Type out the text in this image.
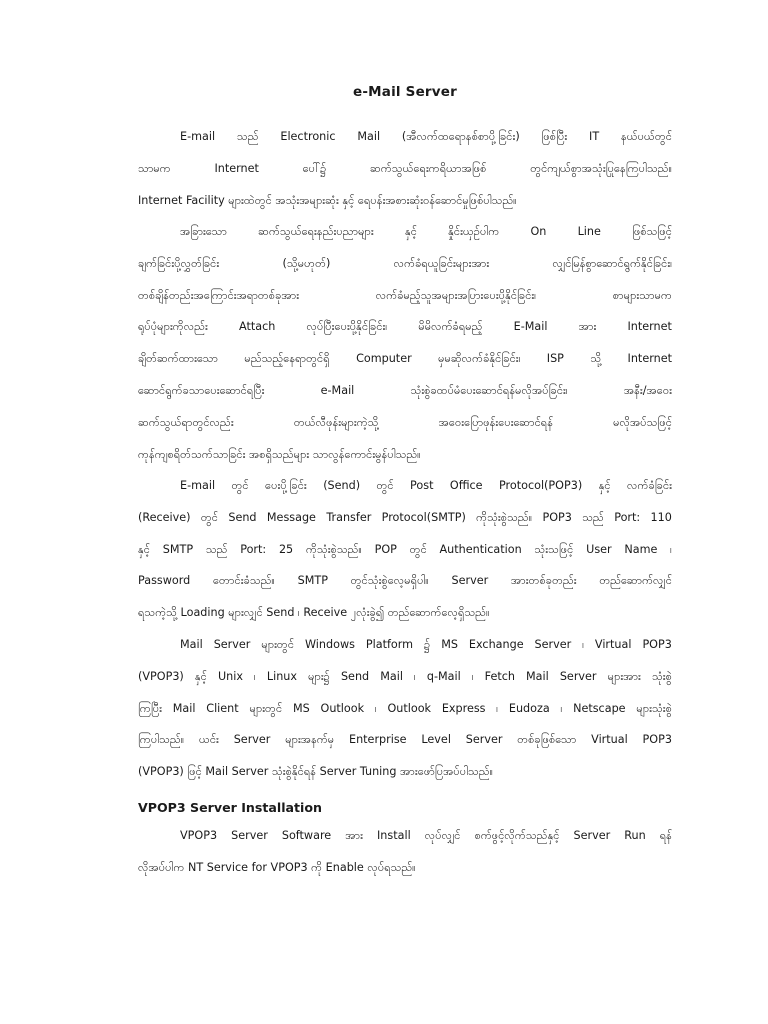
e-Mail Server
E-mail သည် Electronic Mail (အီလက်ထရောနစ်စာပို့ခြင်း) ဖြစ်ပြီး IT နယ်ပယ်တွင်
သာမက	Internet	ပေါ်၌	ဆက်သွယ်ရေးကရိယာအဖြစ်	တွင်ကျယ်စွာအသုံးပြုနေကြပါသည်။
Internet Facility များထဲတွင် အသုံးအများဆုံး နှင့် ရေပန်းအစားဆုံးဝန်ဆောင်မှုဖြစ်ပါသည်။
အခြားသော	ဆက်သွယ်ရေးနည်းပညာများ	နှင့်	နှိုင်းယှဉ်ပါက	On	Line	ဖြစ်သဖြင့်
ချက်ခြင်းပို့လွှတ်ခြင်း	(သို့မဟုတ်)	လက်ခံရယူခြင်းများအား	လျှင်မြန်စွာဆောင်ရွက်နိုင်ခြင်း၊
တစ်ချိန်တည်းအကြောင်းအရာတစ်ခုအား	လက်ခံမည့်သူအများအပြားပေးပို့နိုင်ခြင်း၊	စာများသာမက
ရုပ်ပုံများကိုလည်း	Attach	လုပ်ပြီးပေးပို့နိုင်ခြင်း၊	မိမိလက်ခံရမည့်	E-Mail	အား	Internet
ချိတ်ဆက်ထားသော မည်သည့်နေရာတွင်ရှိ Computer မှမဆိုလက်ခံနိုင်ခြင်း၊ ISP သို့ Internet
ဆောင်ရွက်ခသာပေးဆောင်ရပြီး	e-Mail	သုံးစွဲခထပ်မံပေးဆောင်ရန်မလိုအပ်ခြင်း၊	အနီး/အဝေး
ဆက်သွယ်ရာတွင်လည်း	တယ်လီဖုန်းများကဲ့သို့	အဝေးပြောဖုန်းပေးဆောင်ရန်	မလိုအပ်သဖြင့်
ကုန်ကျစရိတ်သက်သာခြင်း အစရှိသည်များ သာလွန်ကောင်းမွန်ပါသည်။
E-mail တွင် ပေးပို့ခြင်း (Send) တွင် Post Office Protocol(POP3) နှင့် လက်ခံခြင်း
(Receive) တွင် Send Message Transfer Protocol(SMTP) ကိုသုံးစွဲသည်။ POP3 သည် Port: 110
နှင့် SMTP သည် Port: 25 ကိုသုံးစွဲသည်။ POP တွင် Authentication သုံးသဖြင့် User Name ၊
Password တောင်းခံသည်။ SMTP တွင်သုံးစွဲလေ့မရှိပါ။ Server အားတစ်ခုတည်း တည်ဆောက်လျှင်
ရသကဲ့သို့ Loading များလျှင် Send ၊ Receive ၂လုံးခွဲ၍ တည်ဆောက်လေ့ရှိသည်။
Mail Server များတွင် Windows Platform ၌ MS Exchange Server ၊ Virtual POP3
(VPOP3) နှင့် Unix ၊ Linux များ၌ Send Mail ၊ q-Mail ၊ Fetch Mail Server များအား သုံးစွဲ
ကြပြီး Mail Client များတွင် MS Outlook ၊ Outlook Express ၊ Eudoza ၊ Netscape များသုံးစွဲ
ကြပါသည်။ ယင်း Server များအနက်မှ Enterprise Level Server တစ်ခုဖြစ်သော Virtual POP3
(VPOP3) ဖြင့် Mail Server သုံးစွဲနိုင်ရန် Server Tuning အားဖော်ပြအပ်ပါသည်။
VPOP3 Server Software အား Install လုပ်လျှင် စက်ဖွင့်လိုက်သည်နှင့် Server Run ရန်
လိုအပ်ပါက NT Service for VPOP3 ကို Enable လုပ်ရသည်။
VPOP3 Server Installation
